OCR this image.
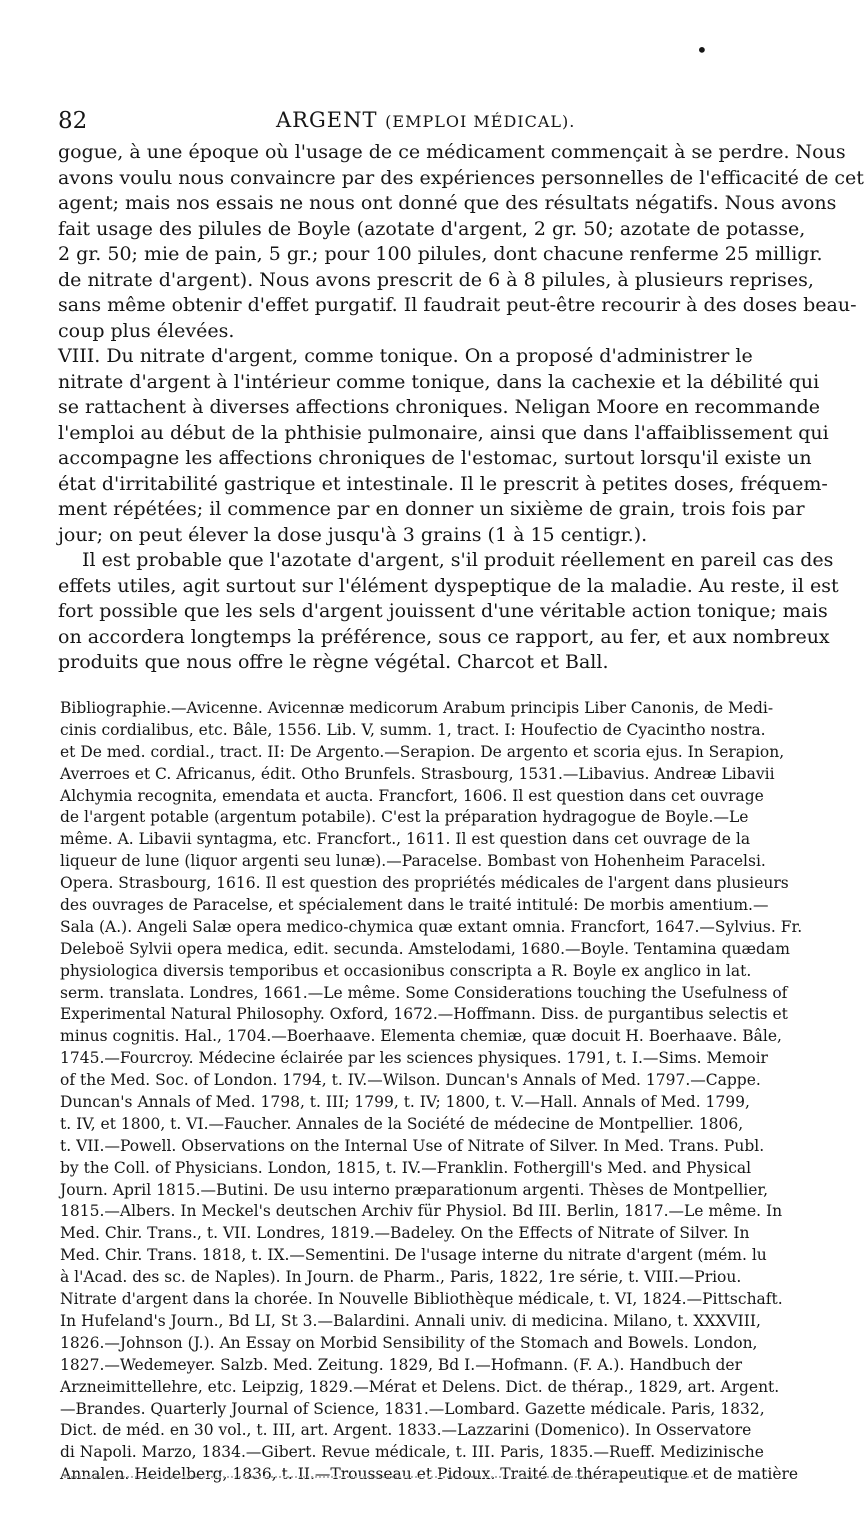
•
82	ARGENT (EMPLOI MÉDICAL).
gogue, à une époque où l'usage de ce médicament commençait à se perdre. Nous
avons voulu nous convaincre par des expériences personnelles de l'efficacité de cet
agent; mais nos essais ne nous ont donné que des résultats négatifs. Nous avons
fait usage des pilules de Boyle (azotate d'argent, 2 gr. 50; azotate de potasse,
2 gr. 50; mie de pain, 5 gr.; pour 100 pilules, dont chacune renferme 25 milligr.
de nitrate d'argent). Nous avons prescrit de 6 à 8 pilules, à plusieurs reprises,
sans même obtenir d'effet purgatif. Il faudrait peut-être recourir à des doses beau-
coup plus élevées.
VIII. Du nitrate d'argent, comme tonique. On a proposé d'administrer le
nitrate d'argent à l'intérieur comme tonique, dans la cachexie et la débilité qui
se rattachent à diverses affections chroniques. Neligan Moore en recommande
l'emploi au début de la phthisie pulmonaire, ainsi que dans l'affaiblissement qui
accompagne les affections chroniques de l'estomac, surtout lorsqu'il existe un
état d'irritabilité gastrique et intestinale. Il le prescrit à petites doses, fréquem-
ment répétées; il commence par en donner un sixième de grain, trois fois par
jour; on peut élever la dose jusqu'à 3 grains (1 à 15 centigr.).
Il est probable que l'azotate d'argent, s'il produit réellement en pareil cas des
effets utiles, agit surtout sur l'élément dyspeptique de la maladie. Au reste, il est
fort possible que les sels d'argent jouissent d'une véritable action tonique; mais
on accordera longtemps la préférence, sous ce rapport, au fer, et aux nombreux
produits que nous offre le règne végétal. Charcot et Ball.
Bibliographie.—Avicenne. Avicennæ medicorum Arabum principis Liber Canonis, de Medi-
cinis cordialibus, etc. Bâle, 1556. Lib. V, summ. 1, tract. I: Houfectio de Cyacintho nostra.
et De med. cordial., tract. II: De Argento.—Serapion. De argento et scoria ejus. In Serapion,
Averroes et C. Africanus, édit. Otho Brunfels. Strasbourg, 1531.—Libavius. Andreæ Libavii
Alchymia recognita, emendata et aucta. Francfort, 1606. Il est question dans cet ouvrage
de l'argent potable (argentum potabile). C'est la préparation hydragogue de Boyle.—Le
même. A. Libavii syntagma, etc. Francfort., 1611. Il est question dans cet ouvrage de la
liqueur de lune (liquor argenti seu lunæ).—Paracelse. Bombast von Hohenheim Paracelsi.
Opera. Strasbourg, 1616. Il est question des propriétés médicales de l'argent dans plusieurs
des ouvrages de Paracelse, et spécialement dans le traité intitulé: De morbis amentium.—
Sala (A.). Angeli Salæ opera medico-chymica quæ extant omnia. Francfort, 1647.—Sylvius. Fr.
Deleboë Sylvii opera medica, edit. secunda. Amstelodami, 1680.—Boyle. Tentamina quædam
physiologica diversis temporibus et occasionibus conscripta a R. Boyle ex anglico in lat.
serm. translata. Londres, 1661.—Le même. Some Considerations touching the Usefulness of
Experimental Natural Philosophy. Oxford, 1672.—Hoffmann. Diss. de purgantibus selectis et
minus cognitis. Hal., 1704.—Boerhaave. Elementa chemiæ, quæ docuit H. Boerhaave. Bâle,
1745.—Fourcroy. Médecine éclairée par les sciences physiques. 1791, t. I.—Sims. Memoir
of the Med. Soc. of London. 1794, t. IV.—Wilson. Duncan's Annals of Med. 1797.—Cappe.
Duncan's Annals of Med. 1798, t. III; 1799, t. IV; 1800, t. V.—Hall. Annals of Med. 1799,
t. IV, et 1800, t. VI.—Faucher. Annales de la Société de médecine de Montpellier. 1806,
t. VII.—Powell. Observations on the Internal Use of Nitrate of Silver. In Med. Trans. Publ.
by the Coll. of Physicians. London, 1815, t. IV.—Franklin. Fothergill's Med. and Physical
Journ. April 1815.—Butini. De usu interno præparationum argenti. Thèses de Montpellier,
1815.—Albers. In Meckel's deutschen Archiv für Physiol. Bd III. Berlin, 1817.—Le même. In
Med. Chir. Trans., t. VII. Londres, 1819.—Badeley. On the Effects of Nitrate of Silver. In
Med. Chir. Trans. 1818, t. IX.—Sementini. De l'usage interne du nitrate d'argent (mém. lu
à l'Acad. des sc. de Naples). In Journ. de Pharm., Paris, 1822, 1re série, t. VIII.—Priou.
Nitrate d'argent dans la chorée. In Nouvelle Bibliothèque médicale, t. VI, 1824.—Pittschaft.
In Hufeland's Journ., Bd LI, St 3.—Balardini. Annali univ. di medicina. Milano, t. XXXVIII,
1826.—Johnson (J.). An Essay on Morbid Sensibility of the Stomach and Bowels. London,
1827.—Wedemeyer. Salzb. Med. Zeitung. 1829, Bd I.—Hofmann. (F. A.). Handbuch der
Arzneimittellehre, etc. Leipzig, 1829.—Mérat et Delens. Dict. de thérap., 1829, art. Argent.
—Brandes. Quarterly Journal of Science, 1831.—Lombard. Gazette médicale. Paris, 1832,
Dict. de méd. en 30 vol., t. III, art. Argent. 1833.—Lazzarini (Domenico). In Osservatore
di Napoli. Marzo, 1834.—Gibert. Revue médicale, t. III. Paris, 1835.—Rueff. Medizinische
Annalen. Heidelberg, 1836, t. II.—Trousseau et Pidoux. Traité de thérapeutique et de matière
